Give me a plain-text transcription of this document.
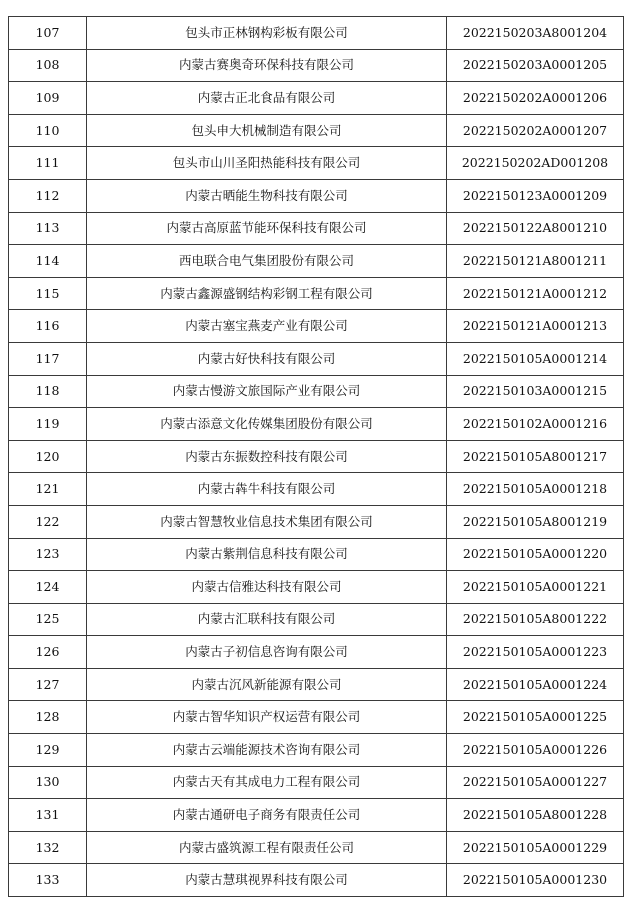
107	包头市正林钢构彩板有限公司	2022150203A8001204
108	内蒙古赛奥奇环保科技有限公司	2022150203A0001205
109	内蒙古正北食品有限公司	2022150202A0001206
110	包头申大机械制造有限公司	2022150202A0001207
111	包头市山川圣阳热能科技有限公司	2022150202AD001208
112	内蒙古晒能生物科技有限公司	2022150123A0001209
113	内蒙古高原蓝节能环保科技有限公司	2022150122A8001210
114	西电联合电气集团股份有限公司	2022150121A8001211
115	内蒙古鑫源盛钢结构彩钢工程有限公司	2022150121A0001212
116	内蒙古塞宝燕麦产业有限公司	2022150121A0001213
117	内蒙古好快科技有限公司	2022150105A0001214
118	内蒙古慢游文旅国际产业有限公司	2022150103A0001215
119	内蒙古添意文化传媒集团股份有限公司	2022150102A0001216
120	内蒙古东振数控科技有限公司	2022150105A8001217
121	内蒙古犇牛科技有限公司	2022150105A0001218
122	内蒙古智慧牧业信息技术集团有限公司	2022150105A8001219
123	内蒙古紫荆信息科技有限公司	2022150105A0001220
124	内蒙古信雅达科技有限公司	2022150105A0001221
125	内蒙古汇联科技有限公司	2022150105A8001222
126	内蒙古子初信息咨询有限公司	2022150105A0001223
127	内蒙古沉风新能源有限公司	2022150105A0001224
128	内蒙古智华知识产权运营有限公司	2022150105A0001225
129	内蒙古云端能源技术咨询有限公司	2022150105A0001226
130	内蒙古天有其成电力工程有限公司	2022150105A0001227
131	内蒙古通研电子商务有限责任公司	2022150105A8001228
132	内蒙古盛筑源工程有限责任公司	2022150105A0001229
133	内蒙古慧琪视界科技有限公司	2022150105A0001230
